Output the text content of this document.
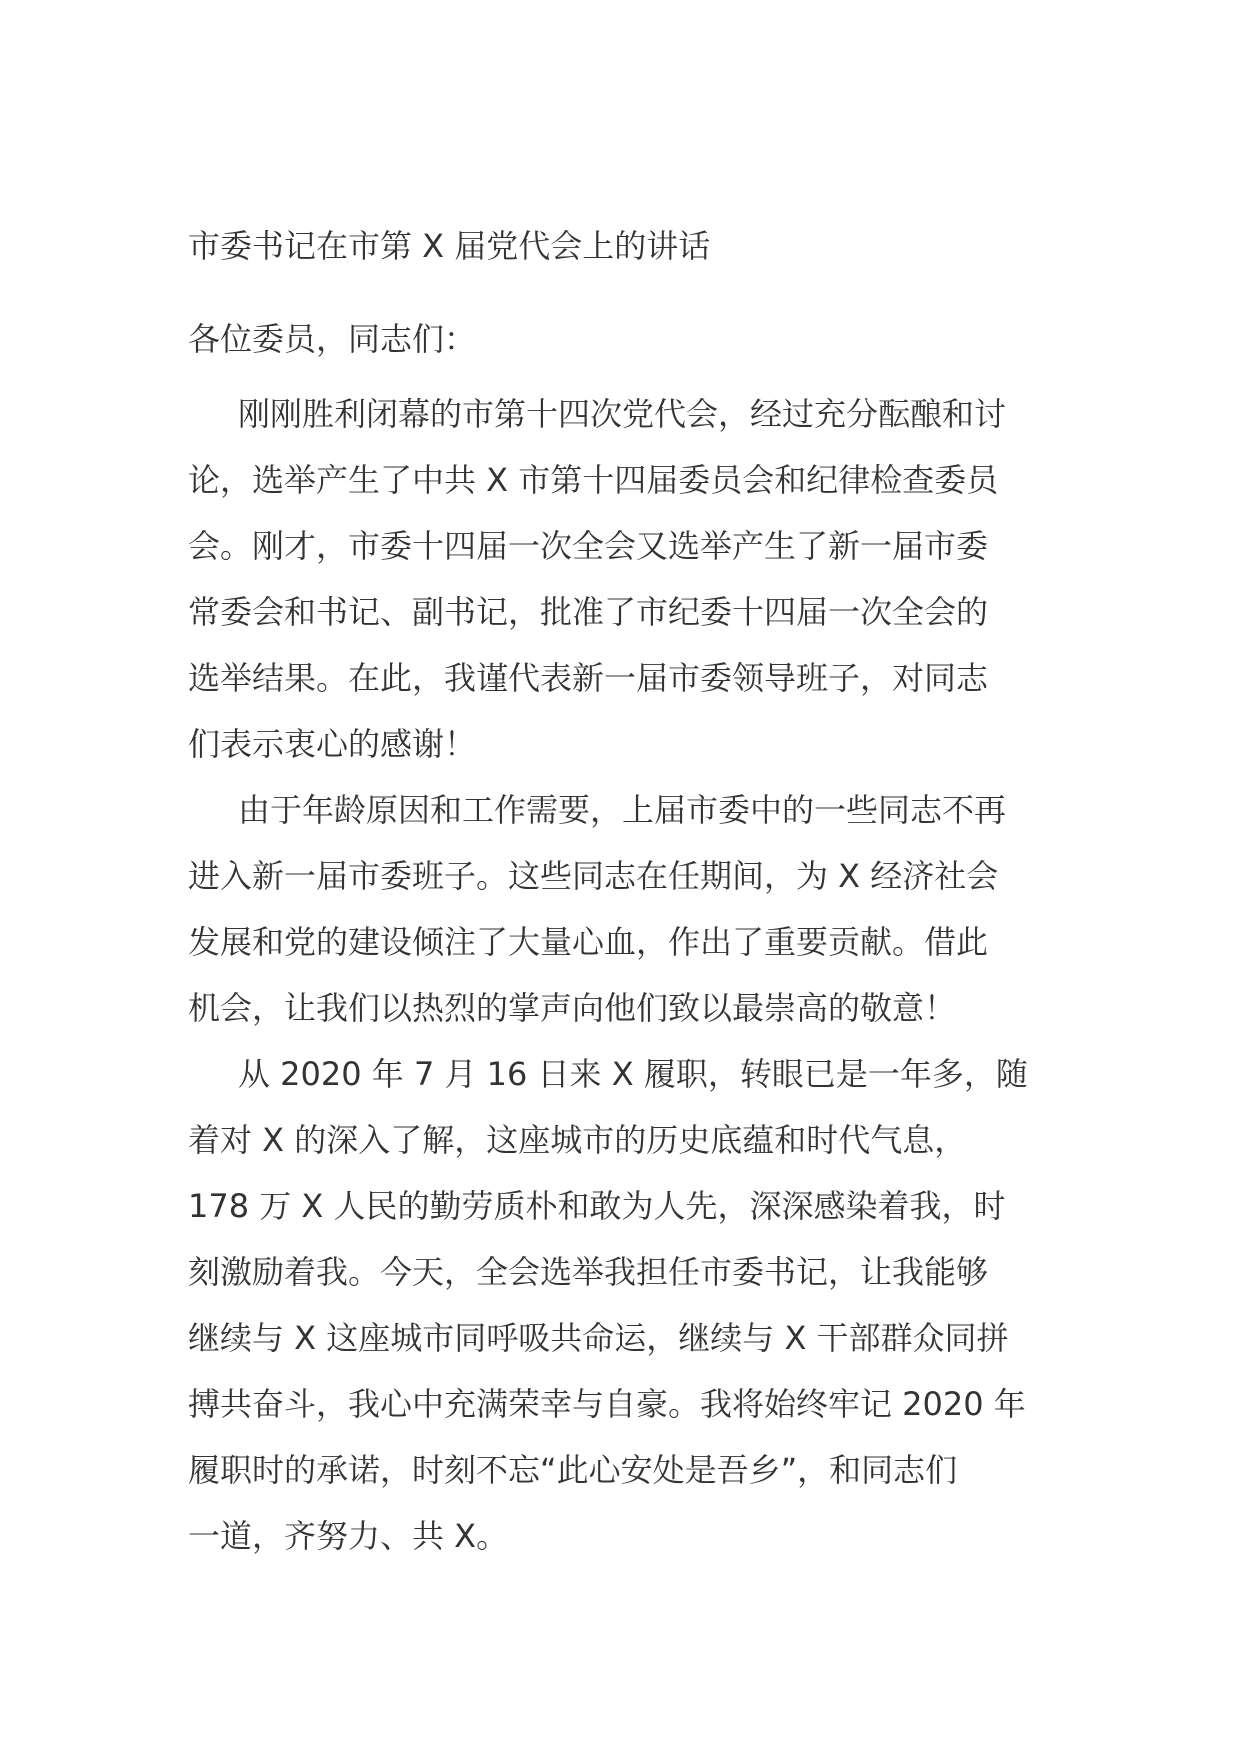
市委书记在市第 X 届党代会上的讲话
各位委员，同志们：
刚刚胜利闭幕的市第十四次党代会，经过充分酝酿和讨
论，选举产生了中共 X 市第十四届委员会和纪律检查委员
会。刚才，市委十四届一次全会又选举产生了新一届市委
常委会和书记、副书记，批准了市纪委十四届一次全会的
选举结果。在此，我谨代表新一届市委领导班子，对同志
们表示衷心的感谢！
由于年龄原因和工作需要，上届市委中的一些同志不再
进入新一届市委班子。这些同志在任期间，为 X 经济社会
发展和党的建设倾注了大量心血，作出了重要贡献。借此
机会，让我们以热烈的掌声向他们致以最崇高的敬意！
从 2020 年 7 月 16 日来 X 履职，转眼已是一年多，随
着对 X 的深入了解，这座城市的历史底蕴和时代气息，
178 万 X 人民的勤劳质朴和敢为人先，深深感染着我，时
刻激励着我。今天，全会选举我担任市委书记，让我能够
继续与 X 这座城市同呼吸共命运，继续与 X 干部群众同拼
搏共奋斗，我心中充满荣幸与自豪。我将始终牢记 2020 年
履职时的承诺，时刻不忘“此心安处是吾乡”，和同志们
一道，齐努力、共 X。
